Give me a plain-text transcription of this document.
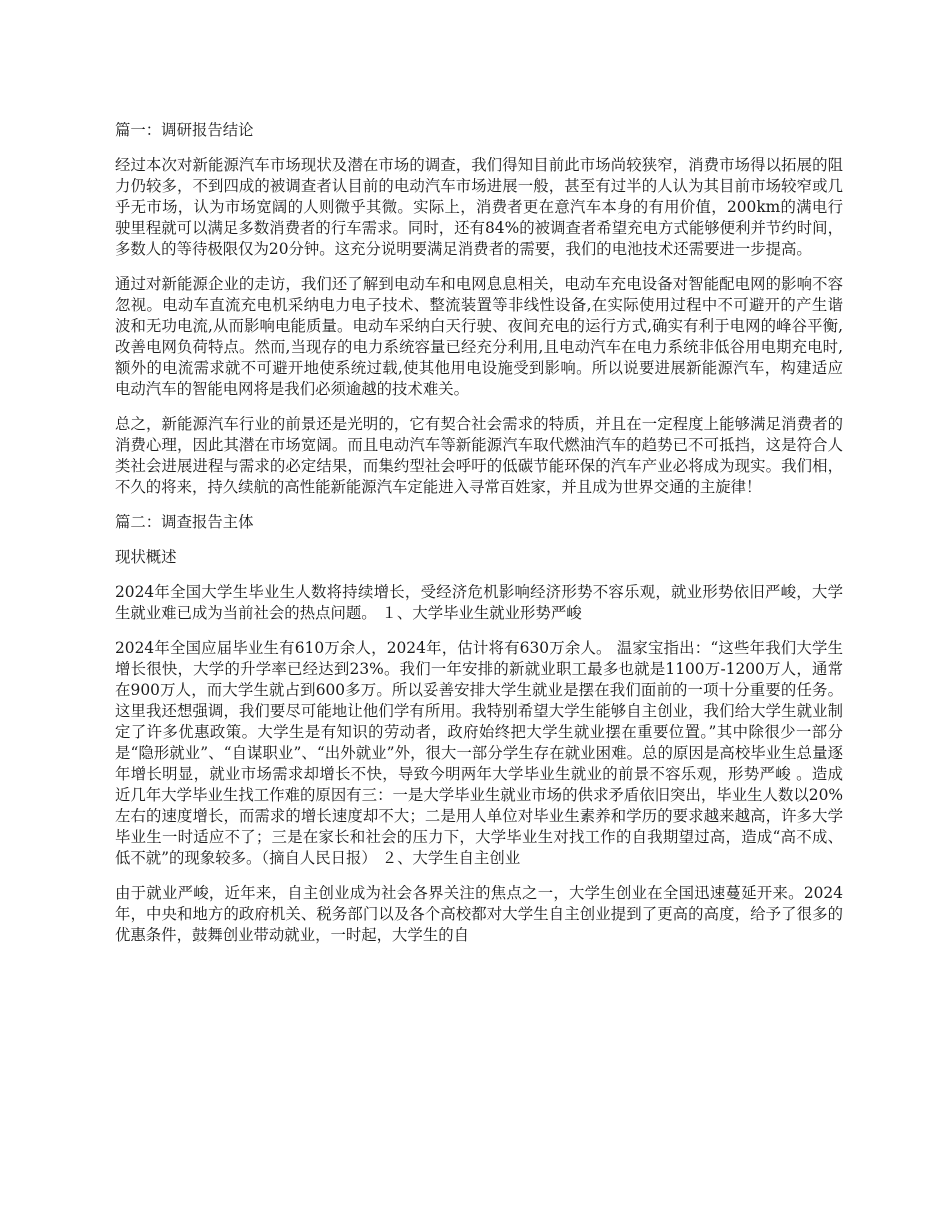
篇一：调研报告结论

经过本次对新能源汽车市场现状及潜在市场的调查，我们得知目前此市场尚较狭窄，消费市场得以拓展的阻力仍较多，不到四成的被调查者认目前的电动汽车市场进展一般，甚至有过半的人认为其目前市场较窄或几乎无市场，认为市场宽阔的人则微乎其微。实际上，消费者更在意汽车本身的有用价值，200km的满电行驶里程就可以满足多数消费者的行车需求。同时，还有84%的被调查者希望充电方式能够便利并节约时间，多数人的等待极限仅为20分钟。这充分说明要满足消费者的需要，我们的电池技术还需要进一步提高。

通过对新能源企业的走访，我们还了解到电动车和电网息息相关，电动车充电设备对智能配电网的影响不容忽视。电动车直流充电机采纳电力电子技术、整流装置等非线性设备,在实际使用过程中不可避开的产生谐波和无功电流,从而影响电能质量。电动车采纳白天行驶、夜间充电的运行方式,确实有利于电网的峰谷平衡,改善电网负荷特点。然而,当现存的电力系统容量已经充分利用,且电动汽车在电力系统非低谷用电期充电时,额外的电流需求就不可避开地使系统过载,使其他用电设施受到影响。所以说要进展新能源汽车，构建适应电动汽车的智能电网将是我们必须逾越的技术难关。

总之，新能源汽车行业的前景还是光明的，它有契合社会需求的特质，并且在一定程度上能够满足消费者的消费心理，因此其潜在市场宽阔。而且电动汽车等新能源汽车取代燃油汽车的趋势已不可抵挡，这是符合人类社会进展进程与需求的必定结果，而集约型社会呼吁的低碳节能环保的汽车产业必将成为现实。我们相，不久的将来，持久续航的高性能新能源汽车定能进入寻常百姓家，并且成为世界交通的主旋律！

篇二：调查报告主体

现状概述

2024年全国大学生毕业生人数将持续增长，受经济危机影响经济形势不容乐观，就业形势依旧严峻，大学生就业难已成为当前社会的热点问题。 １、大学毕业生就业形势严峻

2024年全国应届毕业生有610万余人，2024年，估计将有630万余人。 温家宝指出：“这些年我们大学生增长很快，大学的升学率已经达到23%。我们一年安排的新就业职工最多也就是1100万-1200万人，通常在900万人，而大学生就占到600多万。所以妥善安排大学生就业是摆在我们面前的一项十分重要的任务。这里我还想强调，我们要尽可能地让他们学有所用。我特别希望大学生能够自主创业，我们给大学生就业制定了许多优惠政策。大学生是有知识的劳动者，政府始终把大学生就业摆在重要位置。”其中除很少一部分是“隐形就业”、“自谋职业”、“出外就业”外，很大一部分学生存在就业困难。总的原因是高校毕业生总量逐年增长明显，就业市场需求却增长不快，导致今明两年大学毕业生就业的前景不容乐观，形势严峻 。造成近几年大学毕业生找工作难的原因有三：一是大学毕业生就业市场的供求矛盾依旧突出，毕业生人数以20%左右的速度增长，而需求的增长速度却不大；二是用人单位对毕业生素养和学历的要求越来越高，许多大学毕业生一时适应不了；三是在家长和社会的压力下，大学毕业生对找工作的自我期望过高，造成“高不成、低不就”的现象较多。（摘自人民日报） ２、大学生自主创业

由于就业严峻，近年来，自主创业成为社会各界关注的焦点之一，大学生创业在全国迅速蔓延开来。2024年，中央和地方的政府机关、税务部门以及各个高校都对大学生自主创业提到了更高的高度，给予了很多的优惠条件，鼓舞创业带动就业，一时起，大学生的自
